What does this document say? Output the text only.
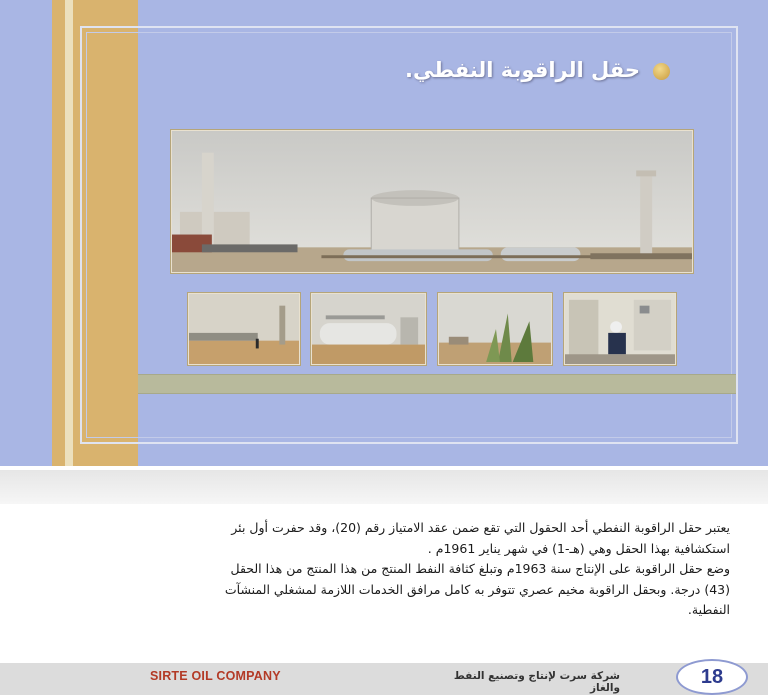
حقل الراقوبة النفطي.

يعتبر حقل الراقوبة النفطي أحد الحقول التي تقع ضمن عقد الامتياز رقم (20)، وقد حفرت أول بئر

استكشافية بهذا الحقل وهي (هـ-1) في شهر يناير 1961م .

وضع حقل الراقوبة على الإنتاج سنة 1963م وتبلغ كثافة النفط المنتج من هذا المنتج من هذا الحقل

(43) درجة. وبحقل الراقوبة مخيم عصري تتوفر به كامل مرافق الخدمات اللازمة لمشغلي المنشآت

النفطية.

SIRTE OIL COMPANY	شركة سرت لإنتاج وتصنيع النفط والغاز	18
